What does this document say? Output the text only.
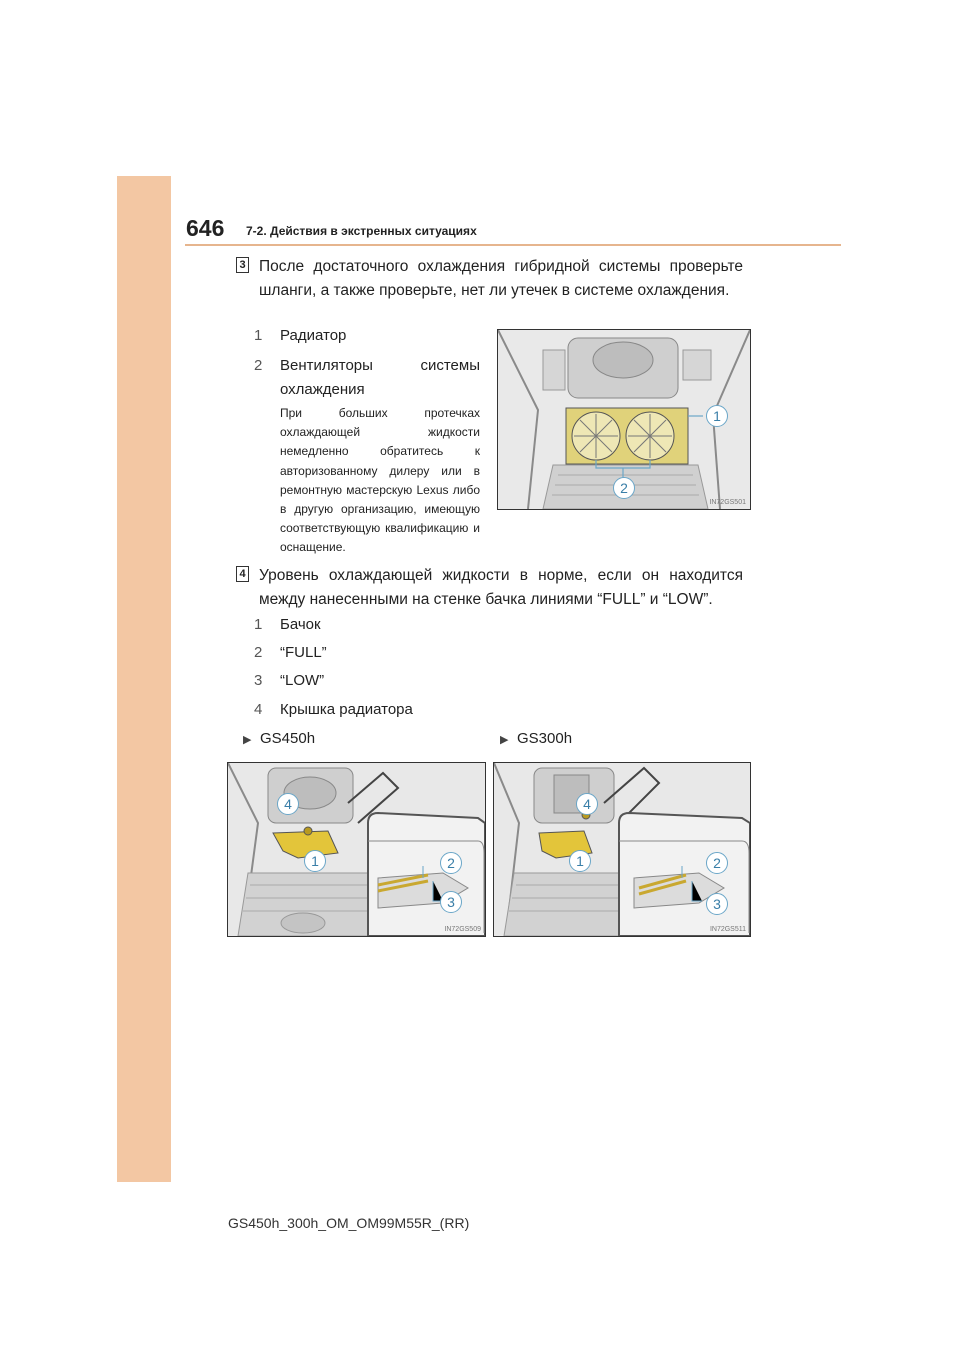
646 7-2. Действия в экстренных ситуациях
3 После достаточного охлаждения гибридной системы проверьте шланги, а также проверьте, нет ли утечек в системе охлаждения.
1 Радиатор
2 Вентиляторы системы
охлаждения
При больших протечках охлаждающей жидкости немедленно обратитесь к авторизованному дилеру или в ремонтную мастерскую Lexus либо в другую организацию, имеющую соответствующую квалификацию и оснащение.
1
2
IN72GS501
4 Уровень охлаждающей жидкости в норме, если он находится между нанесенными на стенке бачка линиями “FULL” и “LOW”.
1 Бачок
2 “FULL”
3 “LOW”
4 Крышка радиатора
▶ GS450h	▶ GS300h
4
1	2
3
IN72GS509
4
1	2
3
IN72GS511
GS450h_300h_OM_OM99M55R_(RR)
